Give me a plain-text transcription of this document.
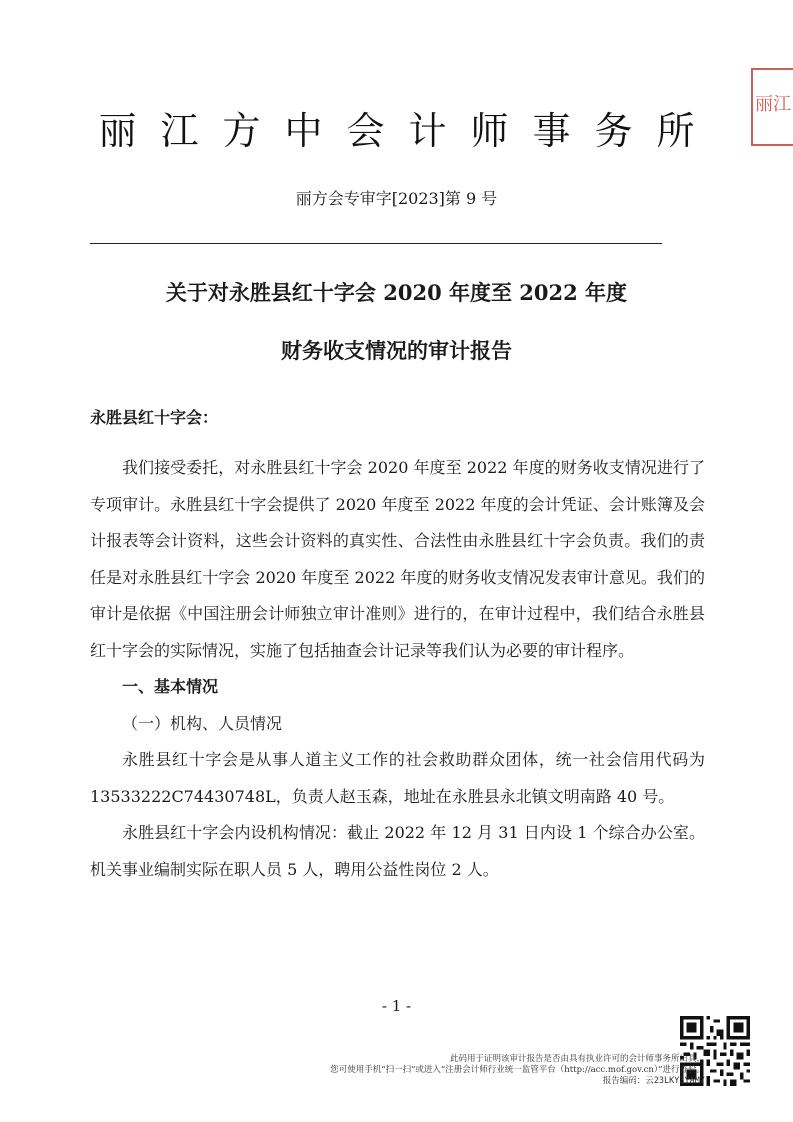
丽江
丽江方中会计师事务所
丽方会专审字[2023]第 9 号
关于对永胜县红十字会 2020 年度至 2022 年度
财务收支情况的审计报告
永胜县红十字会：

我们接受委托，对永胜县红十字会 2020 年度至 2022 年度的财务收支情况进行了专项审计。永胜县红十字会提供了 2020 年度至 2022 年度的会计凭证、会计账簿及会计报表等会计资料，这些会计资料的真实性、合法性由永胜县红十字会负责。我们的责任是对永胜县红十字会 2020 年度至 2022 年度的财务收支情况发表审计意见。我们的审计是依据《中国注册会计师独立审计准则》进行的，在审计过程中，我们结合永胜县红十字会的实际情况，实施了包括抽查会计记录等我们认为必要的审计程序。

一、基本情况

（一）机构、人员情况

永胜县红十字会是从事人道主义工作的社会救助群众团体，统一社会信用代码为 13533222C74430748L，负责人赵玉森，地址在永胜县永北镇文明南路 40 号。

永胜县红十字会内设机构情况：截止 2022 年 12 月 31 日内设 1 个综合办公室。机关事业编制实际在职人员 5 人，聘用公益性岗位 2 人。

- 1 -
此码用于证明该审计报告是否由具有执业许可的会计师事务所出具，
您可使用手机“扫一扫”或进入“注册会计师行业统一监管平台（http://acc.mof.gov.cn）”进行查验。
报告编码：云23LKY3YAM7
